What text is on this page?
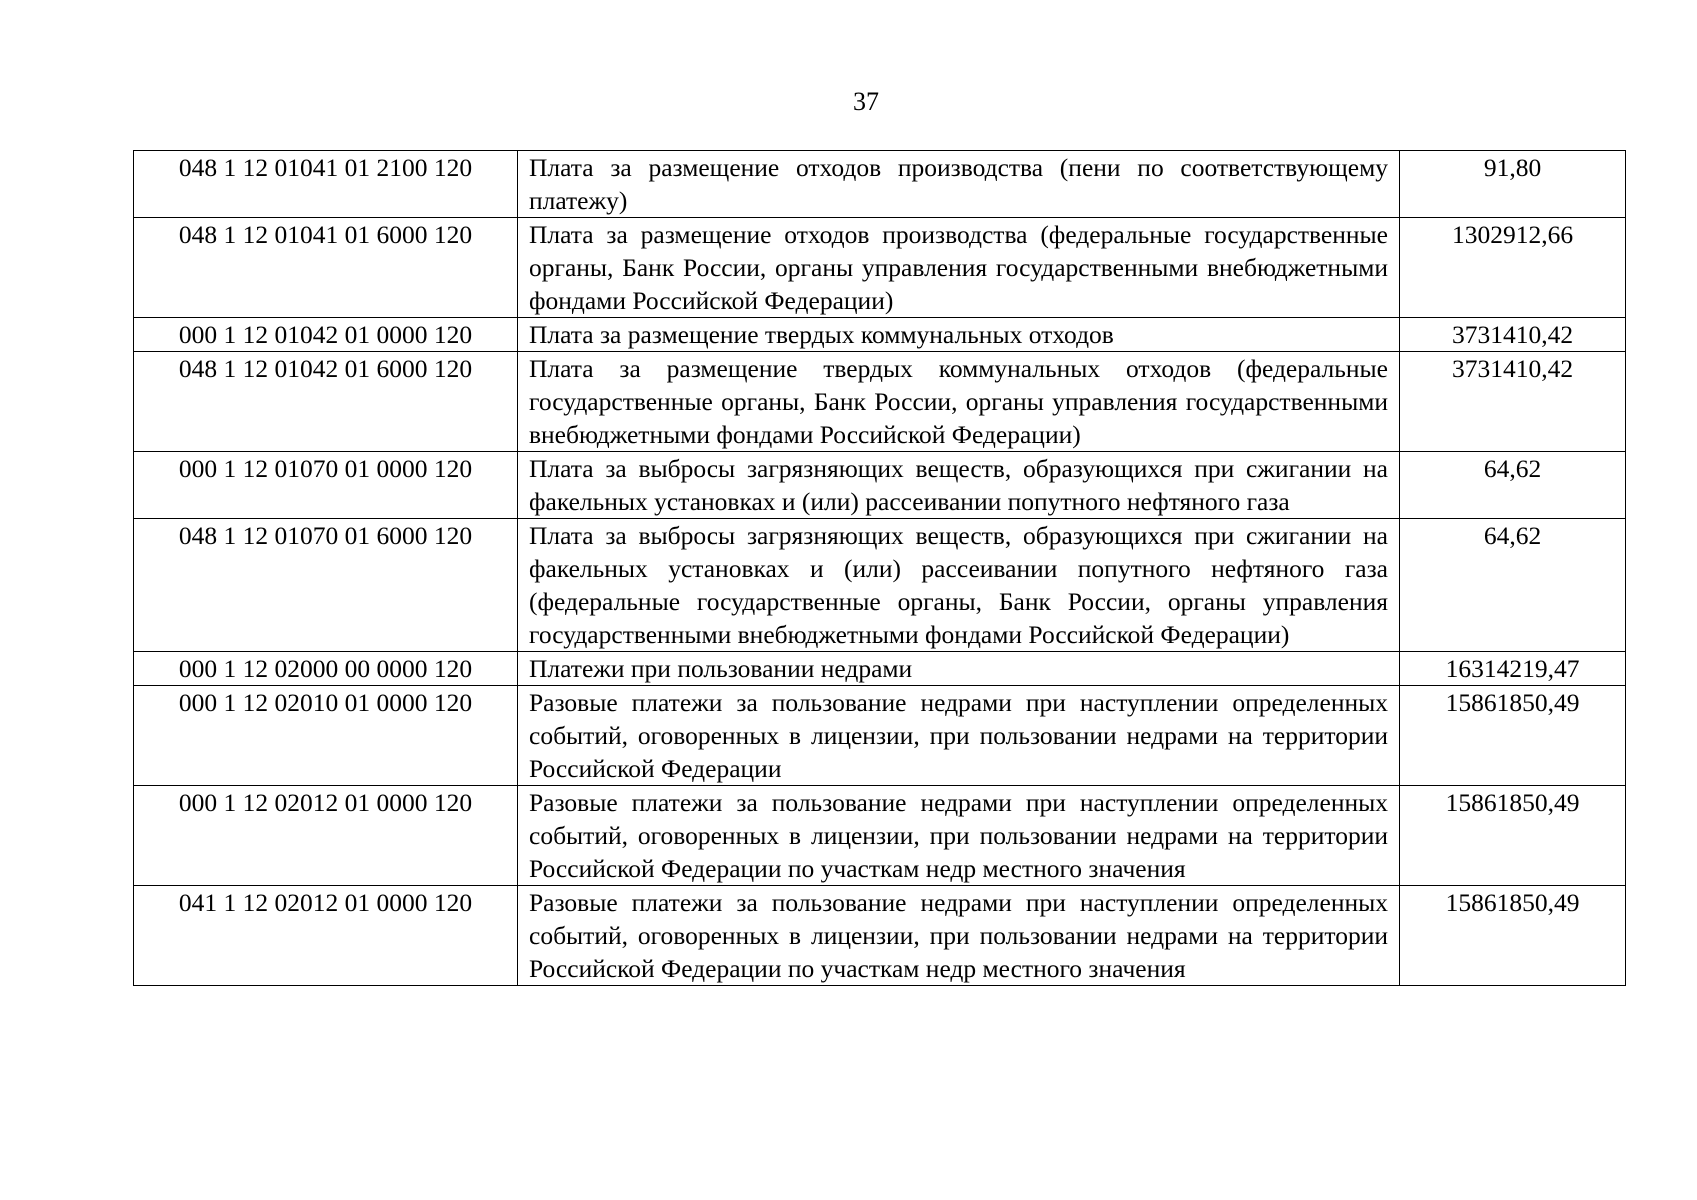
37
048 1 12 01041 01 2100 120	Плата за размещение отходов производства (пени по соответствующему платежу)	91,80
048 1 12 01041 01 6000 120	Плата за размещение отходов производства (федеральные государственные органы, Банк России, органы управления государственными внебюджетными фондами Российской Федерации)	1302912,66
000 1 12 01042 01 0000 120	Плата за размещение твердых коммунальных отходов	3731410,42
048 1 12 01042 01 6000 120	Плата за размещение твердых коммунальных отходов (федеральные государственные органы, Банк России, органы управления государственными внебюджетными фондами Российской Федерации)	3731410,42
000 1 12 01070 01 0000 120	Плата за выбросы загрязняющих веществ, образующихся при сжигании на факельных установках и (или) рассеивании попутного нефтяного газа	64,62
048 1 12 01070 01 6000 120	Плата за выбросы загрязняющих веществ, образующихся при сжигании на факельных установках и (или) рассеивании попутного нефтяного газа (федеральные государственные органы, Банк России, органы управления государственными внебюджетными фондами Российской Федерации)	64,62
000 1 12 02000 00 0000 120	Платежи при пользовании недрами	16314219,47
000 1 12 02010 01 0000 120	Разовые платежи за пользование недрами при наступлении определенных событий, оговоренных в лицензии, при пользовании недрами на территории Российской Федерации	15861850,49
000 1 12 02012 01 0000 120	Разовые платежи за пользование недрами при наступлении определенных событий, оговоренных в лицензии, при пользовании недрами на территории Российской Федерации по участкам недр местного значения	15861850,49
041 1 12 02012 01 0000 120	Разовые платежи за пользование недрами при наступлении определенных событий, оговоренных в лицензии, при пользовании недрами на территории Российской Федерации по участкам недр местного значения	15861850,49
